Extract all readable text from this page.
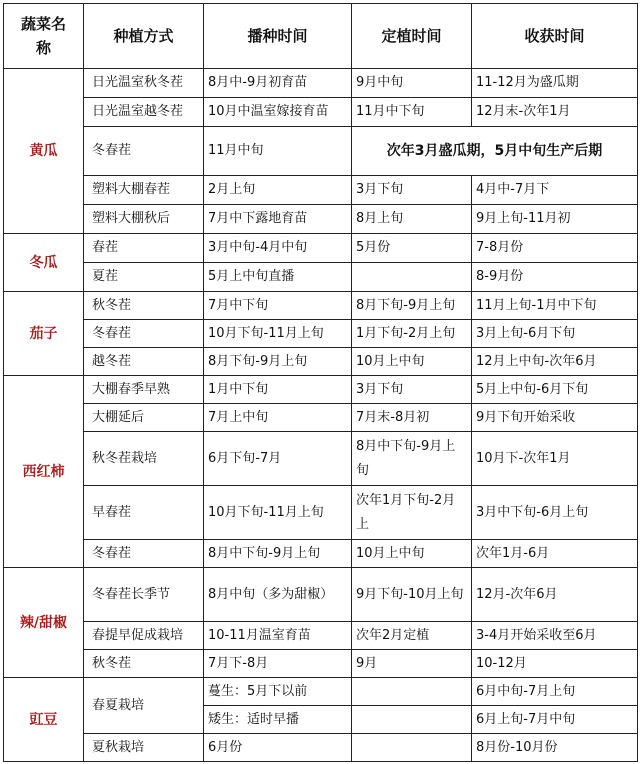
蔬菜名称	种植方式	播种时间	定植时间	收获时间
黄瓜	日光温室秋冬茬	8月中-9月初育苗	9月中旬	11-12月为盛瓜期
	日光温室越冬茬	10月中温室嫁接育苗	11月中下旬	12月末-次年1月
	冬春茬	11月中旬	次年3月盛瓜期，5月中旬生产后期	
	塑料大棚春茬	2月上旬	3月下旬	4月中-7月下
	塑料大棚秋后	7月中下露地育苗	8月上旬	9月上旬-11月初
冬瓜	春茬	3月中旬-4月中旬	5月份	7-8月份
	夏茬	5月上中旬直播		8-9月份
茄子	秋冬茬	7月中下旬	8月下旬-9月上旬	11月上旬-1月中下旬
	冬春茬	10月下旬-11月上旬	1月下旬-2月上旬	3月上旬-6月下旬
	越冬茬	8月下旬-9月上旬	10月上中旬	12月上中旬-次年6月
西红柿	大棚春季早熟	1月中下旬	3月下旬	5月上中旬-6月下旬
	大棚延后	7月上中旬	7月末-8月初	9月下旬开始采收
	秋冬茬栽培	6月下旬-7月	8月中下旬-9月上旬	10月下-次年1月
	早春茬	10月下旬-11月上旬	次年1月下旬-2月上	3月中下旬-6月上旬
	冬春茬	8月中下旬-9月上旬	10月上中旬	次年1月-6月
辣/甜椒	冬春茬长季节	8月中旬（多为甜椒）	9月下旬-10月上旬	12月-次年6月
	春提早促成栽培	10-11月温室育苗	次年2月定植	3-4月开始采收至6月
	秋冬茬	7月下-8月	9月	10-12月
豇豆	春夏栽培	蔓生：5月下以前		6月中旬-7月上旬
		矮生：适时早播		6月上旬-7月中旬
	夏秋栽培	6月份		8月份-10月份
